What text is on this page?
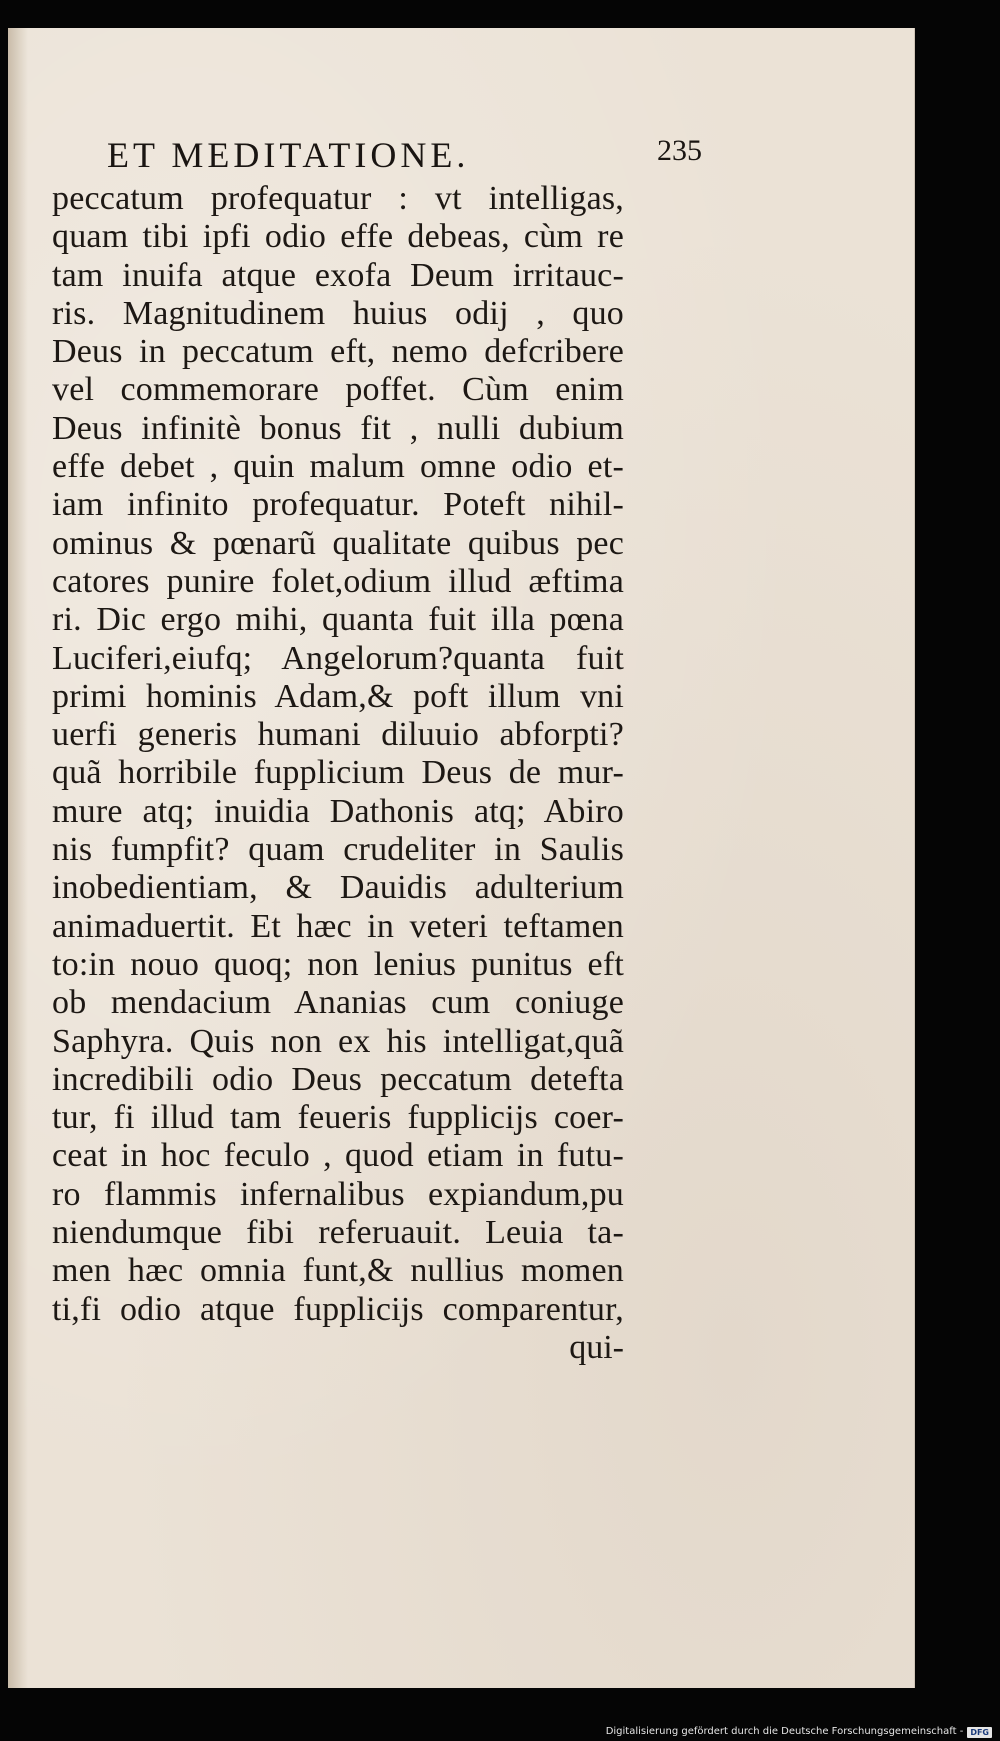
ET MEDITATIONE.	235
peccatum profequatur : vt intelligas,
quam tibi ipfi odio effe debeas, cùm re
tam inuifa atque exofa Deum irritauc-
ris. Magnitudinem huius odij , quo
Deus in peccatum eft, nemo defcribere
vel commemorare poffet. Cùm enim
Deus infinitè bonus fit , nulli dubium
effe debet , quin malum omne odio et-
iam infinito profequatur. Poteft nihil-
ominus & pœnarũ qualitate quibus pec
catores punire folet,odium illud æftima
ri. Dic ergo mihi, quanta fuit illa pœna
Luciferi,eiufq; Angelorum?quanta fuit
primi hominis Adam,& poft illum vni
uerfi generis humani diluuio abforpti?
quã horribile fupplicium Deus de mur-
mure atq; inuidia Dathonis atq; Abiro
nis fumpfit? quam crudeliter in Saulis
inobedientiam, & Dauidis adulterium
animaduertit. Et hæc in veteri teftamen
to:in nouo quoq; non lenius punitus eft
ob mendacium Ananias cum coniuge
Saphyra. Quis non ex his intelligat,quã
incredibili odio Deus peccatum detefta
tur, fi illud tam feueris fupplicijs coer-
ceat in hoc feculo , quod etiam in futu-
ro flammis infernalibus expiandum,pu
niendumque fibi referuauit. Leuia ta-
men hæc omnia funt,& nullius momen
ti,fi odio atque fupplicijs comparentur,
qui-
Digitalisierung gefördert durch die Deutsche Forschungsgemeinschaft - DFG
